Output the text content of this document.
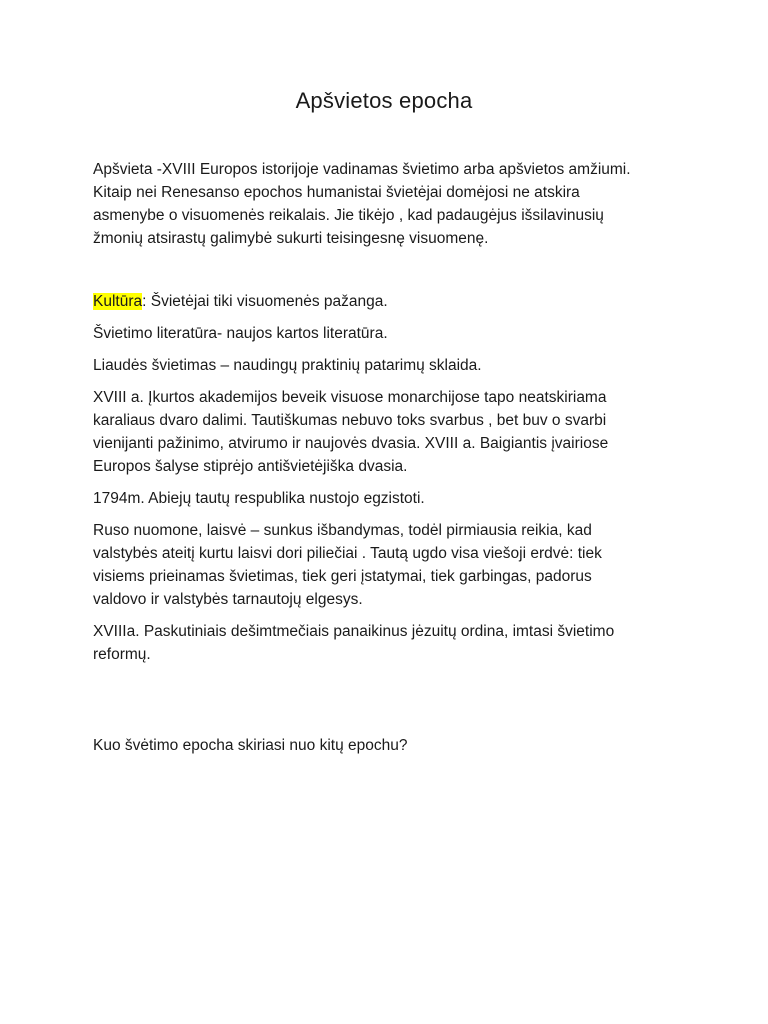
Apšvietos epocha

Apšvieta -XVIII Europos istorijoje vadinamas švietimo arba apšvietos amžiumi.
Kitaip nei Renesanso epochos humanistai švietėjai domėjosi ne atskira
asmenybe o visuomenės reikalais. Jie tikėjo , kad padaugėjus išsilavinusių
žmonių atsirastų galimybė sukurti teisingesnę visuomenę.

Kultūra: Švietėjai tiki visuomenės pažanga.

Švietimo literatūra- naujos kartos literatūra.

Liaudės švietimas – naudingų praktinių patarimų sklaida.

XVIII a. Įkurtos akademijos beveik visuose monarchijose tapo neatskiriama
karaliaus dvaro dalimi. Tautiškumas nebuvo toks svarbus , bet buv o svarbi
vienijanti pažinimo, atvirumo ir naujovės dvasia. XVIII a. Baigiantis įvairiose
Europos šalyse stiprėjo antišvietėjiška dvasia.

1794m. Abiejų tautų respublika nustojo egzistoti.

Ruso nuomone, laisvė – sunkus išbandymas, todėl pirmiausia reikia, kad
valstybės ateitį kurtu laisvi dori piliečiai . Tautą ugdo visa viešoji erdvė: tiek
visiems prieinamas švietimas, tiek geri įstatymai, tiek garbingas, padorus
valdovo ir valstybės tarnautojų elgesys.

XVIIIa. Paskutiniais dešimtmečiais panaikinus jėzuitų ordina, imtasi švietimo
reformų.

Kuo švėtimo epocha skiriasi nuo kitų epochu?
